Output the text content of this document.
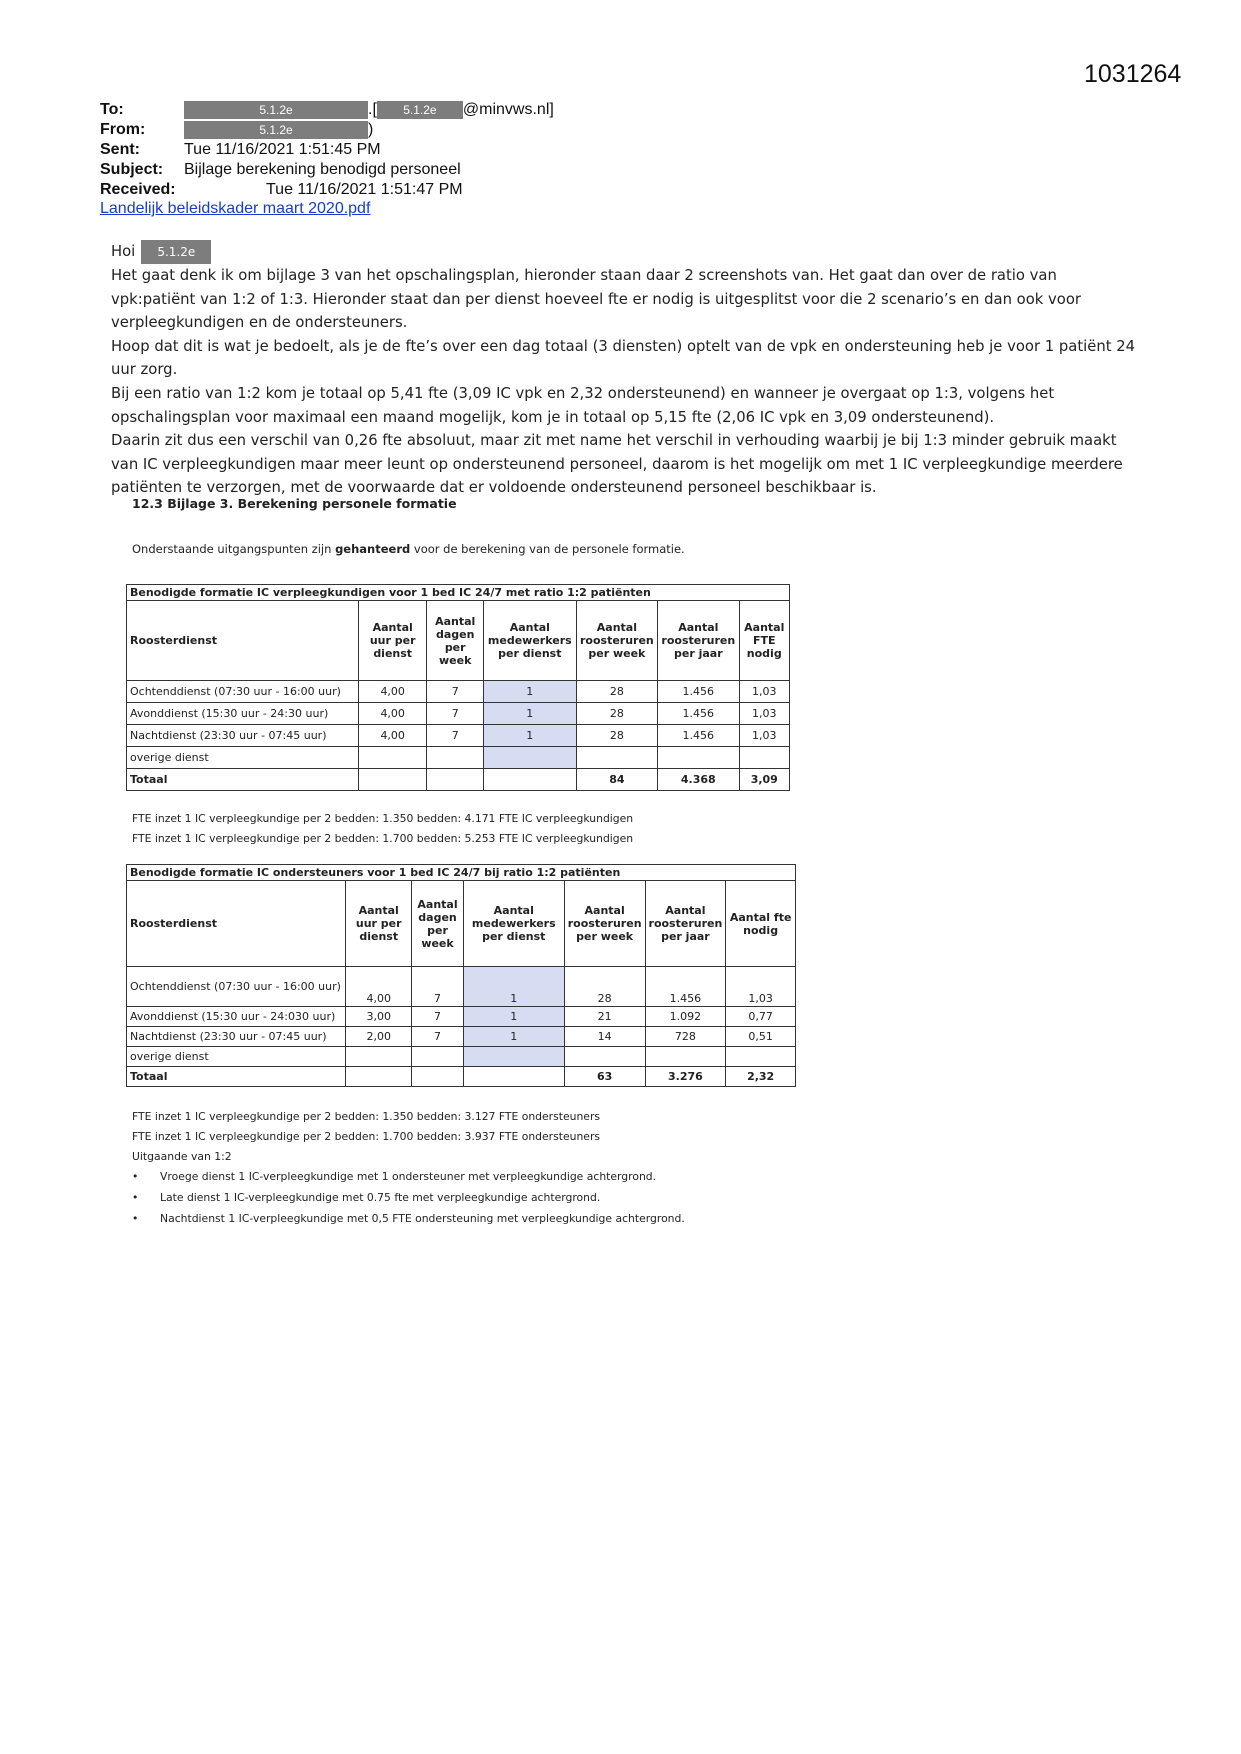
1031264
To:	5.1.2e	.[ 5.1.2e @minvws.nl]
From:	5.1.2e	)
Sent:	Tue 11/16/2021 1:51:45 PM
Subject:	Bijlage berekening benodigd personeel
Received:	Tue 11/16/2021 1:51:47 PM
Landelijk beleidskader maart 2020.pdf
Hoi	5.1.2e

Het gaat denk ik om bijlage 3 van het opschalingsplan, hieronder staan daar 2 screenshots van. Het gaat dan over de ratio van vpk:patiënt van 1:2 of 1:3. Hieronder staat dan per dienst hoeveel fte er nodig is uitgesplitst voor die 2 scenario’s en dan ook voor verpleegkundigen en de ondersteuners.

Hoop dat dit is wat je bedoelt, als je de fte’s over een dag totaal (3 diensten) optelt van de vpk en ondersteuning heb je voor 1 patiënt 24 uur zorg.

Bij een ratio van 1:2 kom je totaal op 5,41 fte (3,09 IC vpk en 2,32 ondersteunend) en wanneer je overgaat op 1:3, volgens het opschalingsplan voor maximaal een maand mogelijk, kom je in totaal op 5,15 fte (2,06 IC vpk en 3,09 ondersteunend).

Daarin zit dus een verschil van 0,26 fte absoluut, maar zit met name het verschil in verhouding waarbij je bij 1:3 minder gebruik maakt van IC verpleegkundigen maar meer leunt op ondersteunend personeel, daarom is het mogelijk om met 1 IC verpleegkundige meerdere patiënten te verzorgen, met de voorwaarde dat er voldoende ondersteunend personeel beschikbaar is.

12.3 Bijlage 3. Berekening personele formatie
Onderstaande uitgangspunten zijn gehanteerd voor de berekening van de personele formatie.
Benodigde formatie IC verpleegkundigen voor 1 bed IC 24/7 met ratio 1:2 patiënten						
Roosterdienst	Aantal uur per dienst	Aantal dagen per week	Aantal medewerkers per dienst	Aantal roosteruren per week	Aantal roosteruren per jaar	Aantal FTE nodig
Ochtenddienst (07:30 uur - 16:00 uur)	4,00	7	1	28	1.456	1,03
Avonddienst (15:30 uur - 24:30 uur)	4,00	7	1	28	1.456	1,03
Nachtdienst (23:30 uur - 07:45 uur)	4,00	7	1	28	1.456	1,03
overige dienst						
Totaal				84	4.368	3,09
FTE inzet 1 IC verpleegkundige per 2 bedden: 1.350 bedden: 4.171 FTE IC verpleegkundigen
FTE inzet 1 IC verpleegkundige per 2 bedden: 1.700 bedden: 5.253 FTE IC verpleegkundigen
Benodigde formatie IC ondersteuners voor 1 bed IC 24/7 bij ratio 1:2 patiënten						
Roosterdienst	Aantal uur per dienst	Aantal dagen per week	Aantal medewerkers per dienst	Aantal roosteruren per week	Aantal roosteruren per jaar	Aantal fte nodig
Ochtenddienst (07:30 uur - 16:00 uur)	4,00	7	1	28	1.456	1,03
Avonddienst (15:30 uur - 24:030 uur)	3,00	7	1	21	1.092	0,77
Nachtdienst (23:30 uur - 07:45 uur)	2,00	7	1	14	728	0,51
overige dienst						
Totaal				63	3.276	2,32
FTE inzet 1 IC verpleegkundige per 2 bedden: 1.350 bedden: 3.127 FTE ondersteuners
FTE inzet 1 IC verpleegkundige per 2 bedden: 1.700 bedden: 3.937 FTE ondersteuners
Uitgaande van 1:2
• Vroege dienst 1 IC-verpleegkundige met 1 ondersteuner met verpleegkundige achtergrond.
• Late dienst 1 IC-verpleegkundige met 0.75 fte met verpleegkundige achtergrond.
• Nachtdienst 1 IC-verpleegkundige met 0,5 FTE ondersteuning met verpleegkundige achtergrond.
